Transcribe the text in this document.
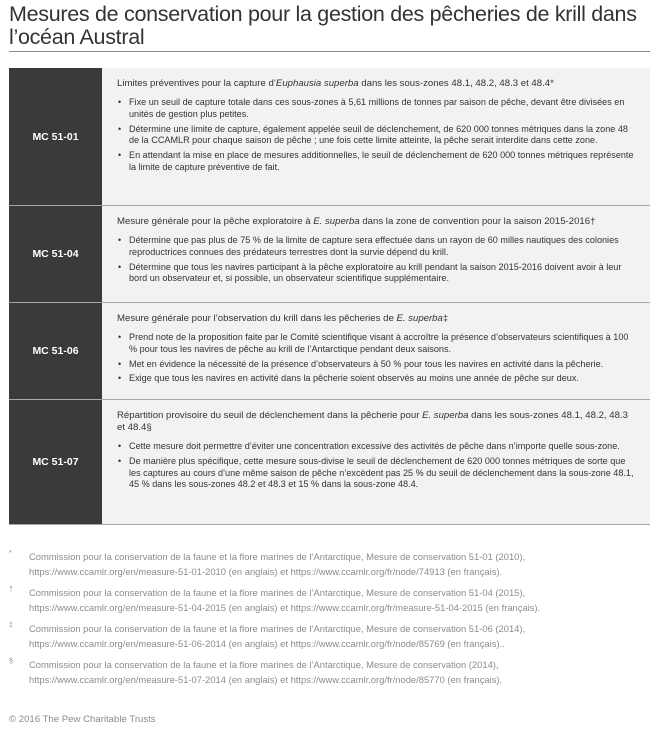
Mesures de conservation pour la gestion des pêcheries de krill dans l’océan Austral
MC 51-01

Limites préventives pour la capture d’Euphausia superba dans les sous-zones 48.1, 48.2, 48.3 et 48.4*

• Fixe un seuil de capture totale dans ces sous-zones à 5,61 millions de tonnes par saison de pêche, devant être divisées en unités de gestion plus petites.
• Détermine une limite de capture, également appelée seuil de déclenchement, de 620 000 tonnes métriques dans la zone 48 de la CCAMLR pour chaque saison de pêche ; une fois cette limite atteinte, la pêche serait interdite dans cette zone.
• En attendant la mise en place de mesures additionnelles, le seuil de déclenchement de 620 000 tonnes métriques représente la limite de capture préventive de fait.
MC 51-04

Mesure générale pour la pêche exploratoire à E. superba dans la zone de convention pour la saison 2015-2016†

• Détermine que pas plus de 75 % de la limite de capture sera effectuée dans un rayon de 60 milles nautiques des colonies reproductrices connues des prédateurs terrestres dont la survie dépend du krill.
• Détermine que tous les navires participant à la pêche exploratoire au krill pendant la saison 2015-2016 doivent avoir à leur bord un observateur et, si possible, un observateur scientifique supplémentaire.
MC 51-06

Mesure générale pour l’observation du krill dans les pêcheries de E. superba‡

• Prend note de la proposition faite par le Comité scientifique visant à accroître la présence d’observateurs scientifiques à 100 % pour tous les navires de pêche au krill de l’Antarctique pendant deux saisons.
• Met en évidence la nécessité de la présence d’observateurs à 50 % pour tous les navires en activité dans la pêcherie.
• Exige que tous les navires en activité dans la pêcherie soient observés au moins une année de pêche sur deux.
MC 51-07

Répartition provisoire du seuil de déclenchement dans la pêcherie pour E. superba dans les sous-zones 48.1, 48.2, 48.3 et 48.4§

• Cette mesure doit permettre d’éviter une concentration excessive des activités de pêche dans n’importe quelle sous-zone.
• De manière plus spécifique, cette mesure sous-divise le seuil de déclenchement de 620 000 tonnes métriques de sorte que les captures au cours d’une même saison de pêche n’excèdent pas 25 % du seuil de déclenchement dans la sous-zone 48.1, 45 % dans les sous-zones 48.2 et 48.3 et 15 % dans la sous-zone 48.4.
*	Commission pour la conservation de la faune et la flore marines de l’Antarctique, Mesure de conservation 51-01 (2010), https://www.ccamlr.org/en/measure-51-01-2010 (en anglais) et https://www.ccamlr.org/fr/node/74913 (en français).
†	Commission pour la conservation de la faune et la flore marines de l’Antarctique, Mesure de conservation 51-04 (2015), https://www.ccamlr.org/en/measure-51-04-2015 (en anglais) et https://www.ccamlr.org/fr/measure-51-04-2015 (en français).
‡	Commission pour la conservation de la faune et la flore marines de l’Antarctique, Mesure de conservation 51-06 (2014), https://www.ccamlr.org/en/measure-51-06-2014 (en anglais) et https://www.ccamlr.org/fr/node/85769 (en français)..
§	Commission pour la conservation de la faune et la flore marines de l’Antarctique, Mesure de conservation (2014), https://www.ccamlr.org/en/measure-51-07-2014 (en anglais) et https://www.ccamlr.org/fr/node/85770 (en français).
© 2016 The Pew Charitable Trusts
